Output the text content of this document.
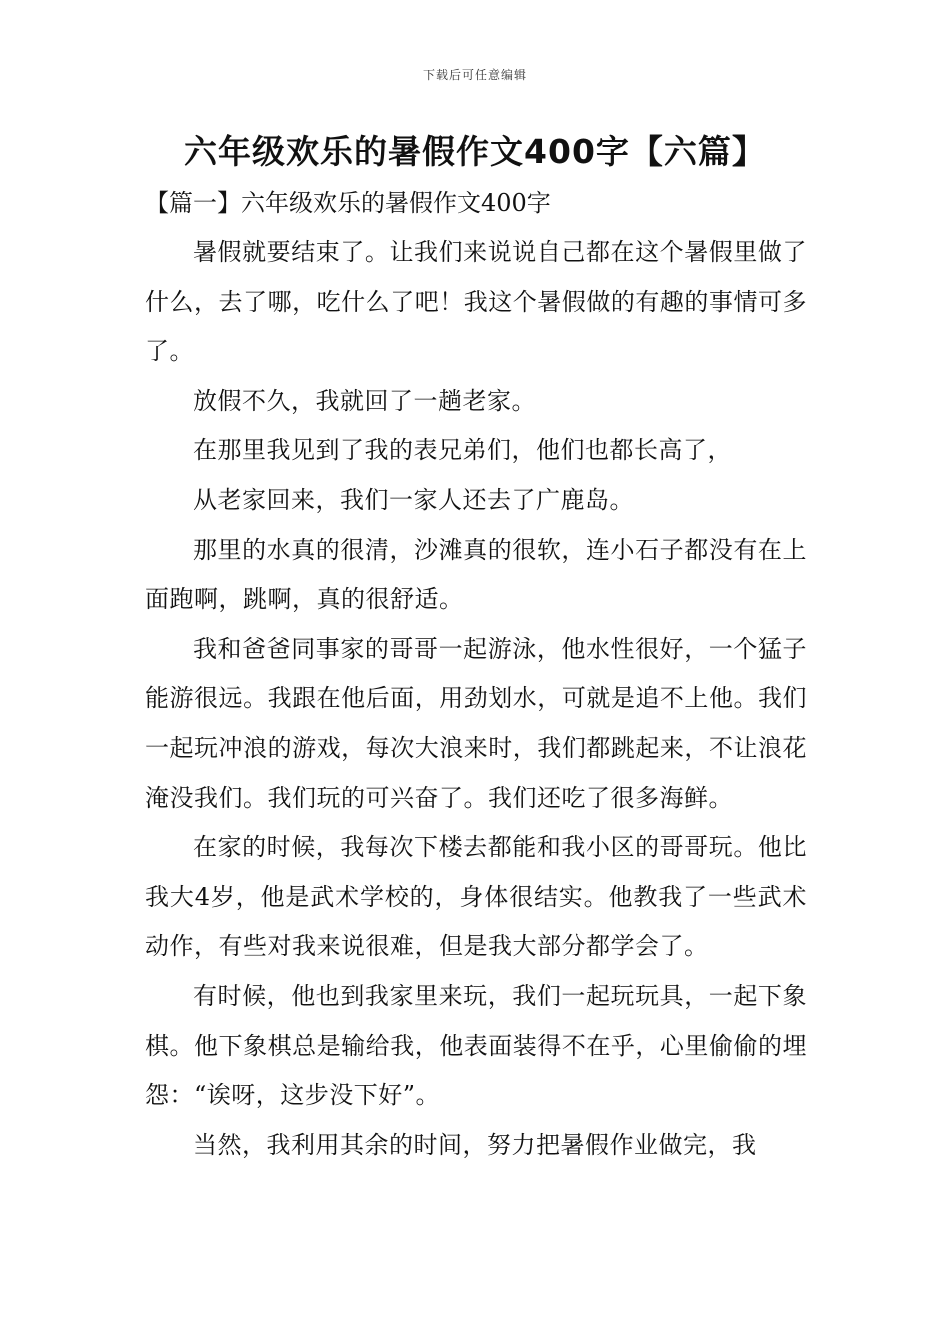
下载后可任意编辑
六年级欢乐的暑假作文400字【六篇】
【篇一】六年级欢乐的暑假作文400字

暑假就要结束了。让我们来说说自己都在这个暑假里做了什么，去了哪，吃什么了吧！我这个暑假做的有趣的事情可多了。

放假不久，我就回了一趟老家。

在那里我见到了我的表兄弟们，他们也都长高了，

从老家回来，我们一家人还去了广鹿岛。

那里的水真的很清，沙滩真的很软，连小石子都没有在上面跑啊，跳啊，真的很舒适。

我和爸爸同事家的哥哥一起游泳，他水性很好，一个猛子能游很远。我跟在他后面，用劲划水，可就是追不上他。我们一起玩冲浪的游戏，每次大浪来时，我们都跳起来，不让浪花淹没我们。我们玩的可兴奋了。我们还吃了很多海鲜。

在家的时候，我每次下楼去都能和我小区的哥哥玩。他比我大4岁，他是武术学校的，身体很结实。他教我了一些武术动作，有些对我来说很难，但是我大部分都学会了。

有时候，他也到我家里来玩，我们一起玩玩具，一起下象棋。他下象棋总是输给我，他表面装得不在乎，心里偷偷的埋怨：“诶呀，这步没下好”。

当然，我利用其余的时间，努力把暑假作业做完，我
